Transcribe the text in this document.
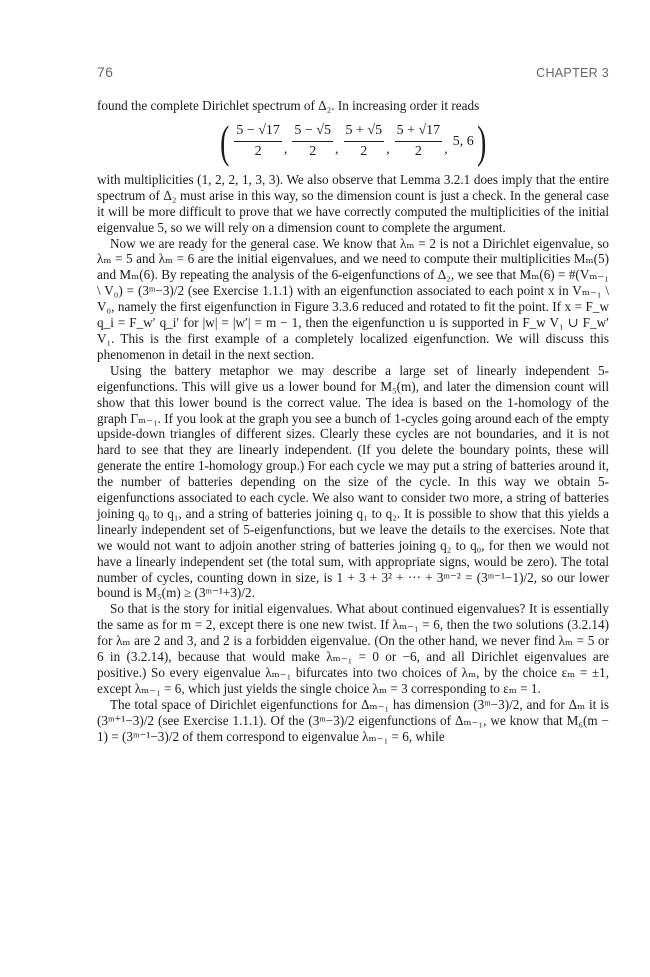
76	CHAPTER 3

found the complete Dirichlet spectrum of Δ₂. In increasing order it reads

( $\frac{5 - √17}{2}$ , $\frac{5 - √5}{2}$ , $\frac{5 + √5}{2}$ , $\frac{5 + √17}{2}$ ,
5, 6 )

with multiplicities (1, 2, 2, 1, 3, 3). We also observe that Lemma 3.2.1 does imply that the entire spectrum of Δ₂ must arise in this way, so the dimension count is just a check. In the general case it will be more difficult to prove that we have correctly computed the multiplicities of the initial eigenvalue 5, so we will rely on a dimension count to complete the argument.

Now we are ready for the general case. We know that λₘ = 2 is not a Dirichlet eigenvalue, so λₘ = 5 and λₘ = 6 are the initial eigenvalues, and we need to compute their multiplicities Mₘ(5) and Mₘ(6). By repeating the analysis of the 6-eigenfunctions of Δ₂, we see that Mₘ(6) = #(Vₘ₋₁ \ V₀) = (3ᵐ−3)/2 (see Exercise 1.1.1) with an eigenfunction associated to each point x in Vₘ₋₁ \ V₀, namely the first eigenfunction in Figure 3.3.6 reduced and rotated to fit the point. If x = F_w q_i = F_w′ q_i′ for |w| = |w′| = m − 1, then the eigenfunction u is supported in F_w V₁ ∪ F_w′ V₁. This is the first example of a completely localized eigenfunction. We will discuss this phenomenon in detail in the next section.

Using the battery metaphor we may describe a large set of linearly independent 5-eigenfunctions. This will give us a lower bound for M₅(m), and later the dimension count will show that this lower bound is the correct value. The idea is based on the 1-homology of the graph Γₘ₋₁. If you look at the graph you see a bunch of 1-cycles going around each of the empty upside-down triangles of different sizes. Clearly these cycles are not boundaries, and it is not hard to see that they are linearly independent. (If you delete the boundary points, these will generate the entire 1-homology group.) For each cycle we may put a string of batteries around it, the number of batteries depending on the size of the cycle. In this way we obtain 5-eigenfunctions associated to each cycle. We also want to consider two more, a string of batteries joining q₀ to q₁, and a string of batteries joining q₁ to q₂. It is possible to show that this yields a linearly independent set of 5-eigenfunctions, but we leave the details to the exercises. Note that we would not want to adjoin another string of batteries joining q₂ to q₀, for then we would not have a linearly independent set (the total sum, with appropriate signs, would be zero). The total number of cycles, counting down in size, is 1 + 3 + 3² + ··· + 3ᵐ⁻² = (3ᵐ⁻¹−1)/2, so our lower bound is M₅(m) ≥ (3ᵐ⁻¹+3)/2.

So that is the story for initial eigenvalues. What about continued eigenvalues? It is essentially the same as for m = 2, except there is one new twist. If λₘ₋₁ = 6, then the two solutions (3.2.14) for λₘ are 2 and 3, and 2 is a forbidden eigenvalue. (On the other hand, we never find λₘ = 5 or 6 in (3.2.14), because that would make λₘ₋₁ = 0 or −6, and all Dirichlet eigenvalues are positive.) So every eigenvalue λₘ₋₁ bifurcates into two choices of λₘ, by the choice εₘ = ±1, except λₘ₋₁ = 6, which just yields the single choice λₘ = 3 corresponding to εₘ = 1.

The total space of Dirichlet eigenfunctions for Δₘ₋₁ has dimension (3ᵐ−3)/2, and for Δₘ it is (3ᵐ⁺¹−3)/2 (see Exercise 1.1.1). Of the (3ᵐ−3)/2 eigenfunctions of Δₘ₋₁, we know that M₆(m − 1) = (3ᵐ⁻¹−3)/2 of them correspond to eigenvalue λₘ₋₁ = 6, while
